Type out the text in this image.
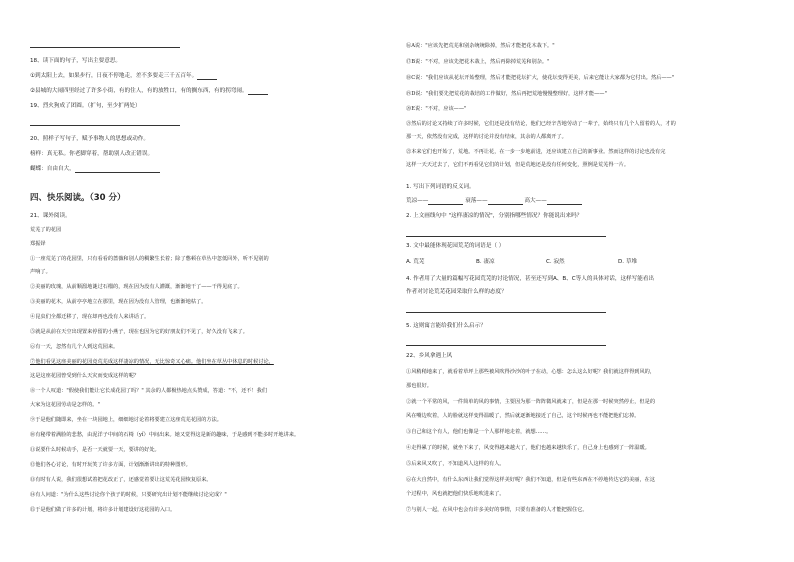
18、读下面的句子，写出主要意思。
①到太阳上去，如果步行，日夜不停地走，差不多要走三千五百年。
②县城的大闹四里经过了许多小街，有的住人，有的放牲口，有的搁东西，有的拐弯闹。
19、烈火狗成了团圆。（扩句，至少扩两处）
20、照样子写句子，赋予事物人的思想或动作。
榜样：真无私。你老脚穿着，帮助别人改正错误。
蝴蝶：自由自大，
四、快乐阅读。（30 分）
21、课外阅读。
荒芜了的花园
郑振铎
①一座荒芜了的花园里，只有看看的蔷薇和别人的稠繁生长着；除了憋顿在草丛中忽低回外，听不见别的
声响了。
②美丽的玫瑰，从前顺溜地谜过石榴的，现在因为没有人灌溉，渐渐地干了——干得见底了。
③美丽的花木，从前亭亭地立在那里，现在因为没有人管理，也渐渐地枯了。
④昆虫们全都迁移了，现在却再也没有人来讲话了。
⑤就是从前在天空出现置来停留的小燕子，现在也因为它的好朋友们不见了，好久没有飞来了。
⑥有一天，忽然有几个人到这荒园来。
⑦他们看见这座美丽的花园竟荒芜成这样凄凉的情况，无比惊奇又心痛。他们坐在草丛中休息的时候讨论，
这是这座花园曾受到什么天灾而变成这样的呢？
⑧一个人叹道："假使我们能让它长成花园了吗？" 其余的人都极热地点头赞成，答道："不，还不！我们
大家为这花园劳动是怎样的。"
⑨于是他们随即来，坐在一块园地上，细细地讨论着将要建立这座荒芜花园的方法。
⑩有秘带着满脸的悲愁，由泥洋子中间的石椅（yǐ）中间出来。她又觉得这是新的趣味，于是感到不能多时开地讲来。
⑪说要什么时候动手，是否一天就要一天，要讲的好处。
⑫他们各心讨论，有时开玩笑了许多方面，计划渐渐讲出的特种图形。
⑬有时有人说，我们很想试着把花改正了，还感觉着要让这荒芜花园恢复原来。
⑭有人问道："为什么这些讨论你个孩子的时候，只要研究出计划不能继续讨论完成？"
⑮于是他们做了许多的计划，将许多计划建设好这花园的入口。
⑯A说："应该先把荒芜和别杂统统除掉，然后才能把花木栽下。"
⑰B说："不对，应该先把花木栽上，然后再除掉荒芜和别杂。"
⑱C说："我们应该从花坛开始整理，然后才能把花坛扩大，使花坛变得更美，后来它能让大家都为它付出。然后——"
⑲D说："我们要先把荒花的栽培的工作做好，然后再把荒地慢慢整理好，这样才能——"
⑳E说："不对，应该——"
㉑然后的讨论又持续了许多时候，它们还是没有结论，他们已经辛苦地劳动了一辈子，始终只有几个人留着的人，才的
那一天，依然没有完成，这样的讨论并没有结束，其余的人都离开了。
㉒本来它们也开始了，荒地。不再让花，在一步一步地前进，还应该建立自己的新事业。然而这样的讨论也没有完
这样一天天过去了，它们不再看见它们的计划，但是荒地还是没有任何变化，照例是荒芜得一片。
1. 写出下列词语的反义词。
荒凉——	衰落——	高大——
2. 上文画线句中 "这样凄凉的情况"，分别指哪些情况？你能说出来吗？
3. 文中最能体现花园荒芜的词语是（ ）
A. 荒芜	B. 凄凉	C. 寂然	D. 草堆
4. 作者用了大量的篇幅写花园荒芜的讨论情况，甚至还写到A、B、C等人的具体对话，这样写能看出
作者对讨论荒芜花园采取什么样的态度？
5. 这则寓言能给我们什么启示？
22、乡风拿遇上风
①风稍稍地来了，就看着草坪上那些被风吹得沙沙的叶子在动，心想：怎么这么好呢？我们就这样得到风的，
那也很好。
②就一个平常的风，一件简单的风的事情，主要因为那一阵阵微风就来了，但是在那一时候突然停止，但是的
风在嘴边吹着，人的脸就这样变得温暖了，然后就逐渐地接近了自己，这个时候再也不能把他们忘掉。
③自己和这个有人，他们也像是一个人那样地走着，就想……。
④走得累了的时候，就坐下来了，风变得越来越大了，他们也越来越快乐了，自己身上也感到了一阵温暖。
⑤后来风又吹了，不知道风人这样的有人。
⑥在大自然中，有什么东西让我们觉得这样美好呢？我们不知道，但是有些东西在不停地传达它的美丽，在这
个过程中，风也就把他们快乐地吹进来了。
⑦与别人一起，在风中也会有许多美好的事情，只要有准备的人才能把握住它。
